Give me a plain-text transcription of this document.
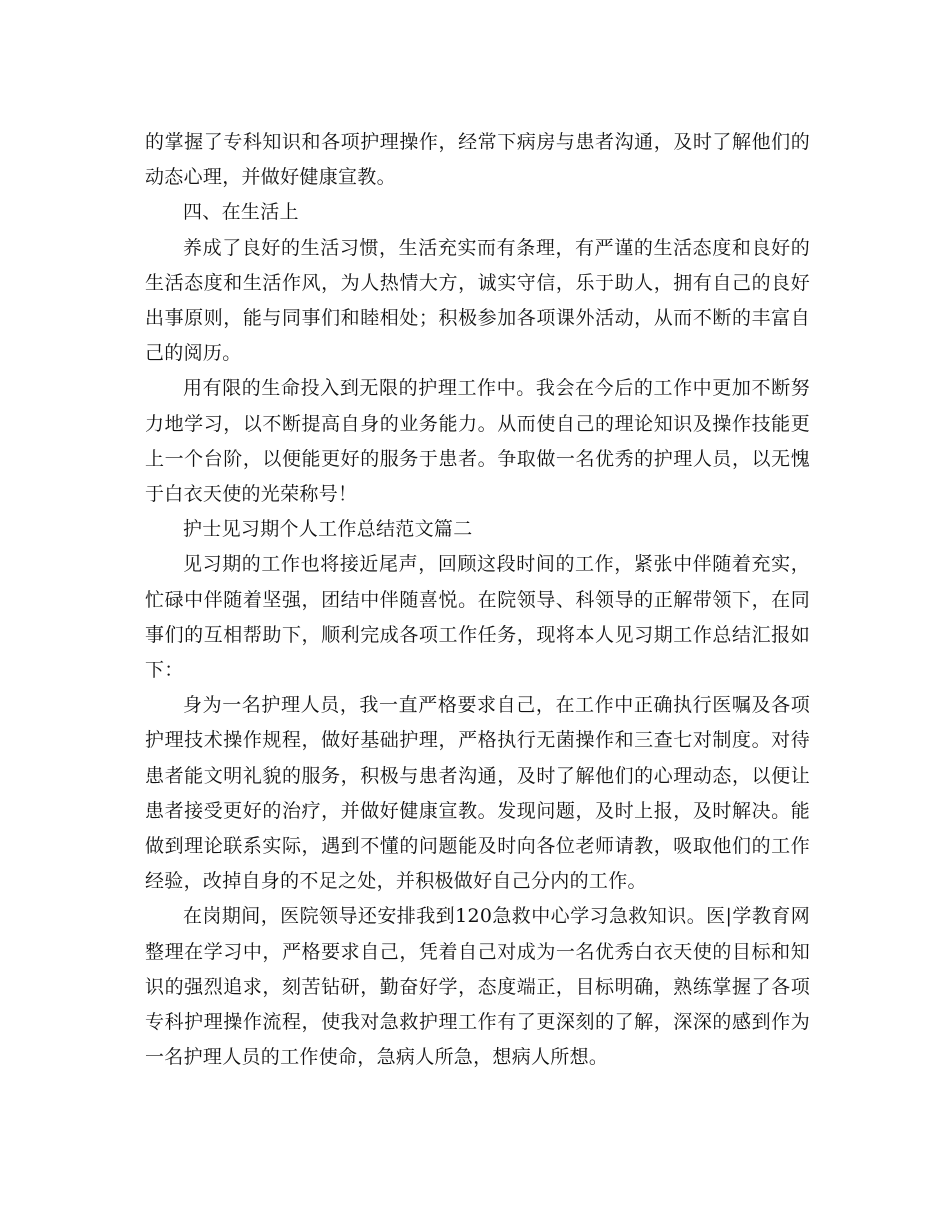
的掌握了专科知识和各项护理操作，经常下病房与患者沟通，及时了解他们的动态心理，并做好健康宣教。

四、在生活上

养成了良好的生活习惯，生活充实而有条理，有严谨的生活态度和良好的生活态度和生活作风，为人热情大方，诚实守信，乐于助人，拥有自己的良好出事原则，能与同事们和睦相处；积极参加各项课外活动，从而不断的丰富自己的阅历。

用有限的生命投入到无限的护理工作中。我会在今后的工作中更加不断努力地学习，以不断提高自身的业务能力。从而使自己的理论知识及操作技能更上一个台阶，以便能更好的服务于患者。争取做一名优秀的护理人员，以无愧于白衣天使的光荣称号！

护士见习期个人工作总结范文篇二

见习期的工作也将接近尾声，回顾这段时间的工作，紧张中伴随着充实，忙碌中伴随着坚强，团结中伴随喜悦。在院领导、科领导的正解带领下，在同事们的互相帮助下，顺利完成各项工作任务，现将本人见习期工作总结汇报如下：

身为一名护理人员，我一直严格要求自己，在工作中正确执行医嘱及各项护理技术操作规程，做好基础护理，严格执行无菌操作和三查七对制度。对待患者能文明礼貌的服务，积极与患者沟通，及时了解他们的心理动态，以便让患者接受更好的治疗，并做好健康宣教。发现问题，及时上报，及时解决。能做到理论联系实际，遇到不懂的问题能及时向各位老师请教，吸取他们的工作经验，改掉自身的不足之处，并积极做好自己分内的工作。

在岗期间，医院领导还安排我到120急救中心学习急救知识。医|学教育网整理在学习中，严格要求自己，凭着自己对成为一名优秀白衣天使的目标和知识的强烈追求，刻苦钻研，勤奋好学，态度端正，目标明确，熟练掌握了各项专科护理操作流程，使我对急救护理工作有了更深刻的了解，深深的感到作为一名护理人员的工作使命，急病人所急，想病人所想。
